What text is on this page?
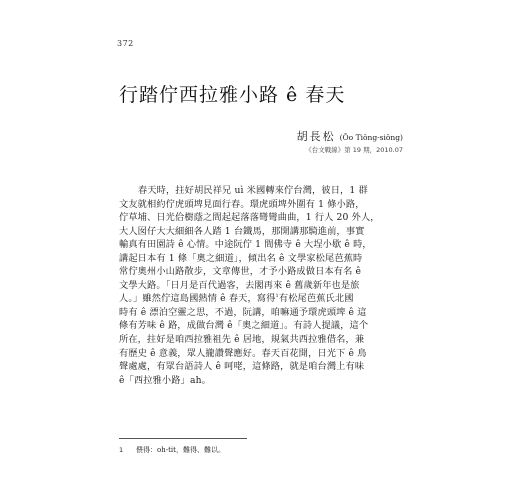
372
行踏佇西拉雅小路 ê 春天
胡長松 (Ôo Tiông-siông)
《台文戰線》第 19 期，2010.07
春天時，拄好胡民祥兄 uì 米國轉來佇台灣，彼日，1 群
文友就相約佇虎頭埤見面行春。環虎頭埤外圍有 1 條小路，
佇草埔、日光佮樹蔭之間起起落落彎彎曲曲，1 行人 20 外人，
大人囡仔大大細細各人踏 1 台鐵馬，那開講那騎進前，事實
輸真有田園詩 ê 心情。中途阮佇 1 間佛寺 ê 大埕小歇 ê 時，
講起日本有 1 條「奧之細道」，傾出名 ê 文學家松尾芭蕉時
常佇奧州小山路散步，文章傳世，才予小路成做日本有名 ê
文學大路。「日月是百代過客，去閣再來 ê 舊歲新年也是旅
人。」雖然佇這島國熱情 ê 春天，寫得$^1$有松尾芭蕉氏北國
時有 ê 漂泊空靈之思，不過，阮講，咱嘛通予環虎頭埤 ê 這
條有芳味 ê 路，成做台灣 ê「奧之細道」。有詩人提議，這个
所在，拄好是咱西拉雅祖先 ê 居地，規氣共西拉雅借名，兼
有歷史 ê 意義，眾人攏讚聲應好。春天百花開，日光下 ê 鳥
聲處處，有眾台語詩人 ê 呵咾，這條路，就是咱台灣上有味
ê「西拉雅小路」ah。
1 偎得：oh-tit，難得、難以。
